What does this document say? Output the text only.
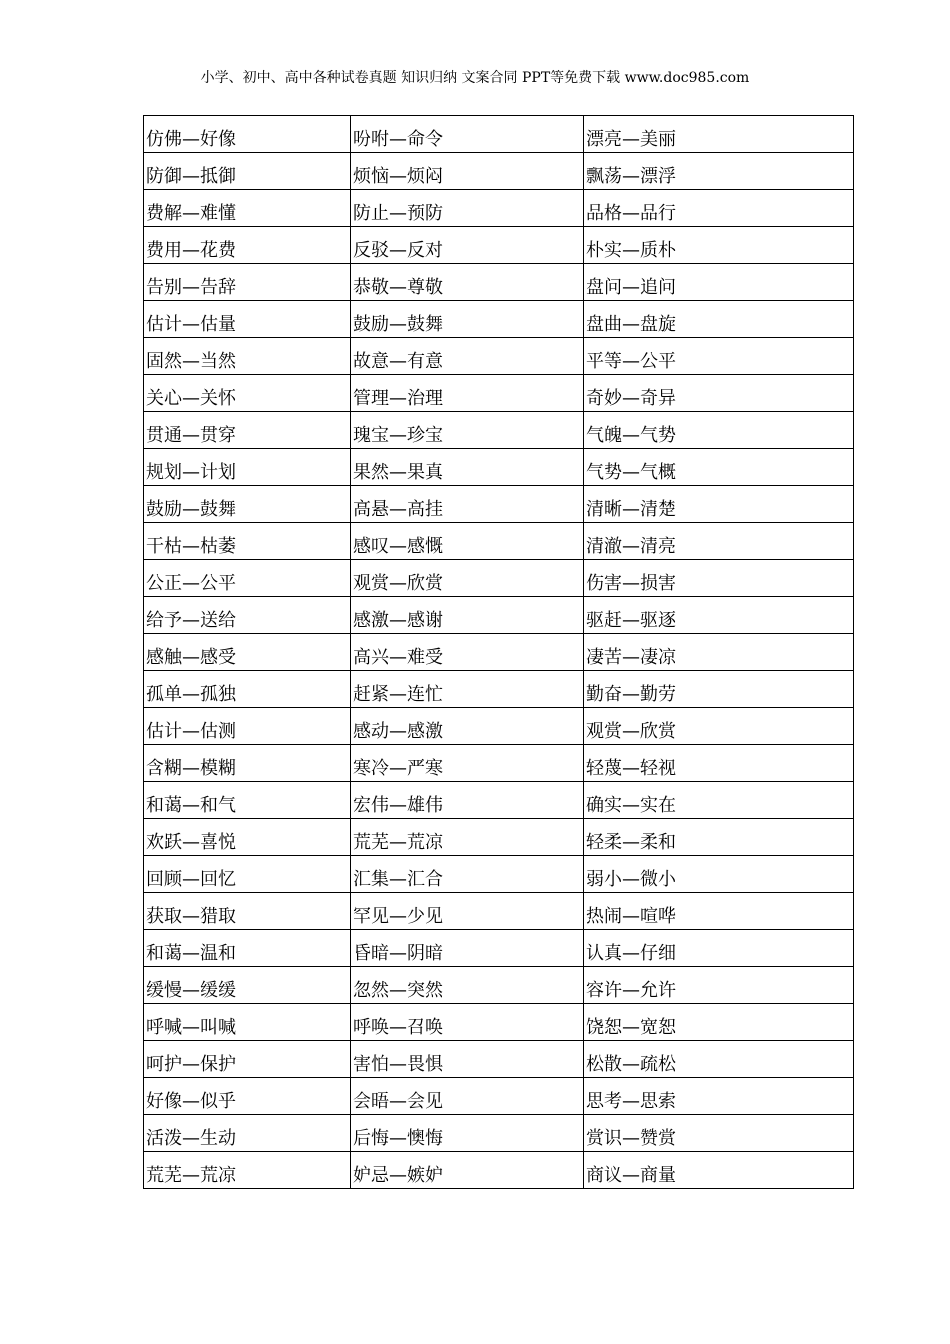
小学、初中、高中各种试卷真题 知识归纳 文案合同 PPT等免费下载 www.doc985.com
仿佛—好像	吩咐—命令	漂亮—美丽
防御—抵御	烦恼—烦闷	飘荡—漂浮
费解—难懂	防止—预防	品格—品行
费用—花费	反驳—反对	朴实—质朴
告别—告辞	恭敬—尊敬	盘问—追问
估计—估量	鼓励—鼓舞	盘曲—盘旋
固然—当然	故意—有意	平等—公平
关心—关怀	管理—治理	奇妙—奇异
贯通—贯穿	瑰宝—珍宝	气魄—气势
规划—计划	果然—果真	气势—气概
鼓励—鼓舞	高悬—高挂	清晰—清楚
干枯—枯萎	感叹—感慨	清澈—清亮
公正—公平	观赏—欣赏	伤害—损害
给予—送给	感激—感谢	驱赶—驱逐
感触—感受	高兴—难受	凄苦—凄凉
孤单—孤独	赶紧—连忙	勤奋—勤劳
估计—估测	感动—感激	观赏—欣赏
含糊—模糊	寒冷—严寒	轻蔑—轻视
和蔼—和气	宏伟—雄伟	确实—实在
欢跃—喜悦	荒芜—荒凉	轻柔—柔和
回顾—回忆	汇集—汇合	弱小—微小
获取—猎取	罕见—少见	热闹—喧哗
和蔼—温和	昏暗—阴暗	认真—仔细
缓慢—缓缓	忽然—突然	容许—允许
呼喊—叫喊	呼唤—召唤	饶恕—宽恕
呵护—保护	害怕—畏惧	松散—疏松
好像—似乎	会晤—会见	思考—思索
活泼—生动	后悔—懊悔	赏识—赞赏
荒芜—荒凉	妒忌—嫉妒	商议—商量
